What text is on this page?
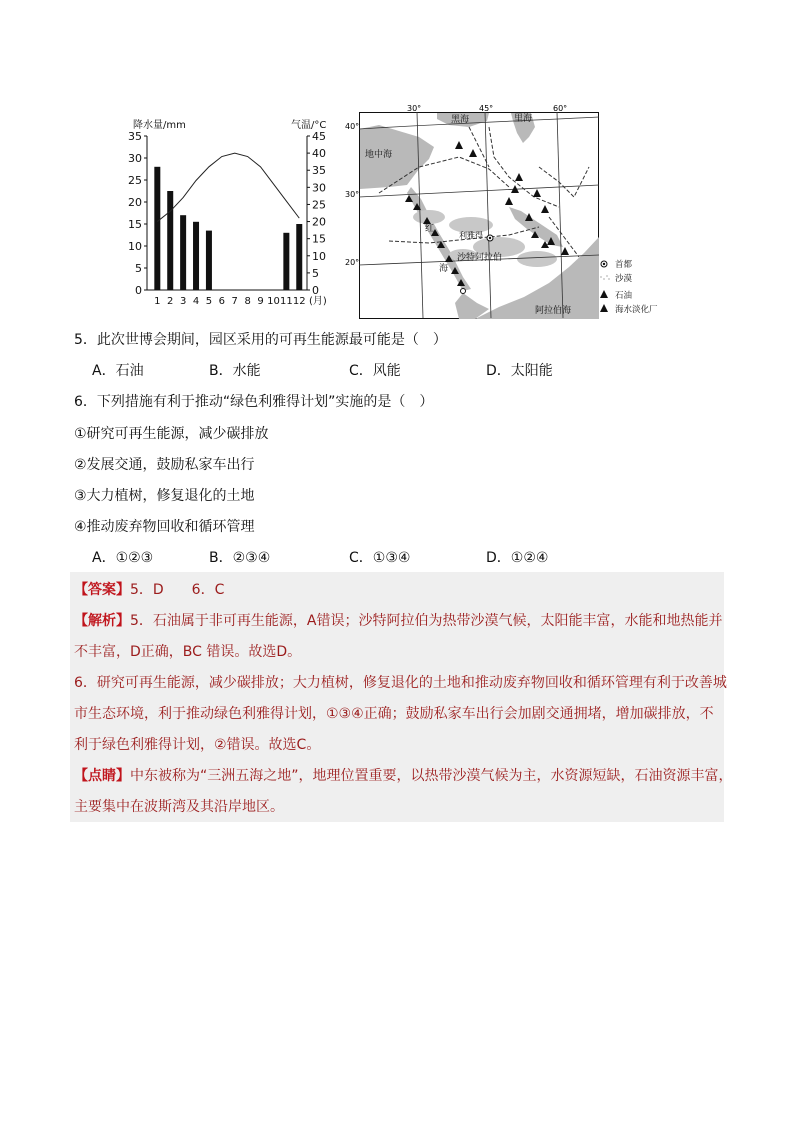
降水量/mm	气温/°C
0
5
10
15
20
25
30
35
0
5
10
15
20
25
30
35
40
45
1 2 3 4 5 6 7 8 9 10 11 12 (月)
30°	45°	60°
40°
30°
20°
黑海	里海
地中海
利雅得
沙特阿拉伯
红
海
阿拉伯海
首都
沙漠
石油
海水淡化厂
5．此次世博会期间，园区采用的可再生能源最可能是（　）
A．石油	B．水能	C．风能	D．太阳能
6．下列措施有利于推动“绿色利雅得计划”实施的是（　）
①研究可再生能源，减少碳排放
②发展交通，鼓励私家车出行
③大力植树，修复退化的土地
④推动废弃物回收和循环管理
A．①②③	B．②③④	C．①③④	D．①②④
【答案】5．D　　6．C
【解析】5．石油属于非可再生能源，A错误；沙特阿拉伯为热带沙漠气候，太阳能丰富，水能和地热能并
不丰富，D正确，BC 错误。故选D。
6．研究可再生能源，减少碳排放；大力植树，修复退化的土地和推动废弃物回收和循环管理有利于改善城
市生态环境，利于推动绿色利雅得计划，①③④正确；鼓励私家车出行会加剧交通拥堵，增加碳排放，不
利于绿色利雅得计划，②错误。故选C。
【点睛】中东被称为“三洲五海之地”，地理位置重要，以热带沙漠气候为主，水资源短缺，石油资源丰富，
主要集中在波斯湾及其沿岸地区。
